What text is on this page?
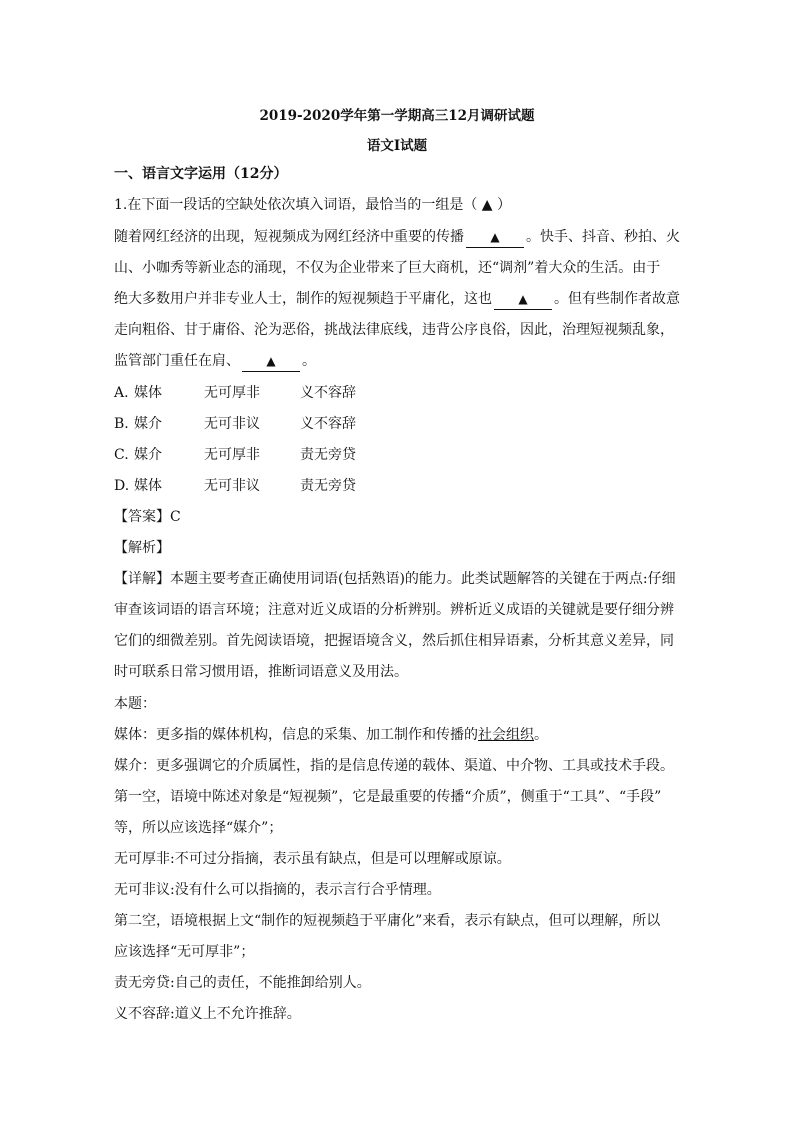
2019-2020学年第一学期高三12月调研试题
语文Ⅰ试题
一、语言文字运用（12分）
1.在下面一段话的空缺处依次填入词语，最恰当的一组是（ ▲ ）
随着网红经济的出现，短视频成为网红经济中重要的传播 ▲ 。快手、抖音、秒拍、火
山、小咖秀等新业态的涌现，不仅为企业带来了巨大商机，还“调剂”着大众的生活。由于
绝大多数用户并非专业人士，制作的短视频趋于平庸化，这也 ▲ 。但有些制作者故意
走向粗俗、甘于庸俗、沦为恶俗，挑战法律底线，违背公序良俗，因此，治理短视频乱象，
监管部门重任在肩、 ▲ 。
A. 媒体	无可厚非	义不容辞
B. 媒介	无可非议	义不容辞
C. 媒介	无可厚非	责无旁贷
D. 媒体	无可非议	责无旁贷
【答案】C
【解析】
【详解】本题主要考查正确使用词语(包括熟语)的能力。此类试题解答的关键在于两点:仔细
审查该词语的语言环境；注意对近义成语的分析辨别。辨析近义成语的关键就是要仔细分辨
它们的细微差别。首先阅读语境，把握语境含义，然后抓住相异语素，分析其意义差异，同
时可联系日常习惯用语，推断词语意义及用法。
本题：
媒体：更多指的媒体机构，信息的采集、加工制作和传播的社会组织。
媒介：更多强调它的介质属性，指的是信息传递的载体、渠道、中介物、工具或技术手段。
第一空，语境中陈述对象是“短视频”，它是最重要的传播“介质”，侧重于“工具”、“手段”
等，所以应该选择“媒介”；
无可厚非:不可过分指摘，表示虽有缺点，但是可以理解或原谅。
无可非议:没有什么可以指摘的，表示言行合乎情理。
第二空，语境根据上文“制作的短视频趋于平庸化”来看，表示有缺点，但可以理解，所以
应该选择“无可厚非”；
责无旁贷:自己的责任，不能推卸给别人。
义不容辞:道义上不允许推辞。
